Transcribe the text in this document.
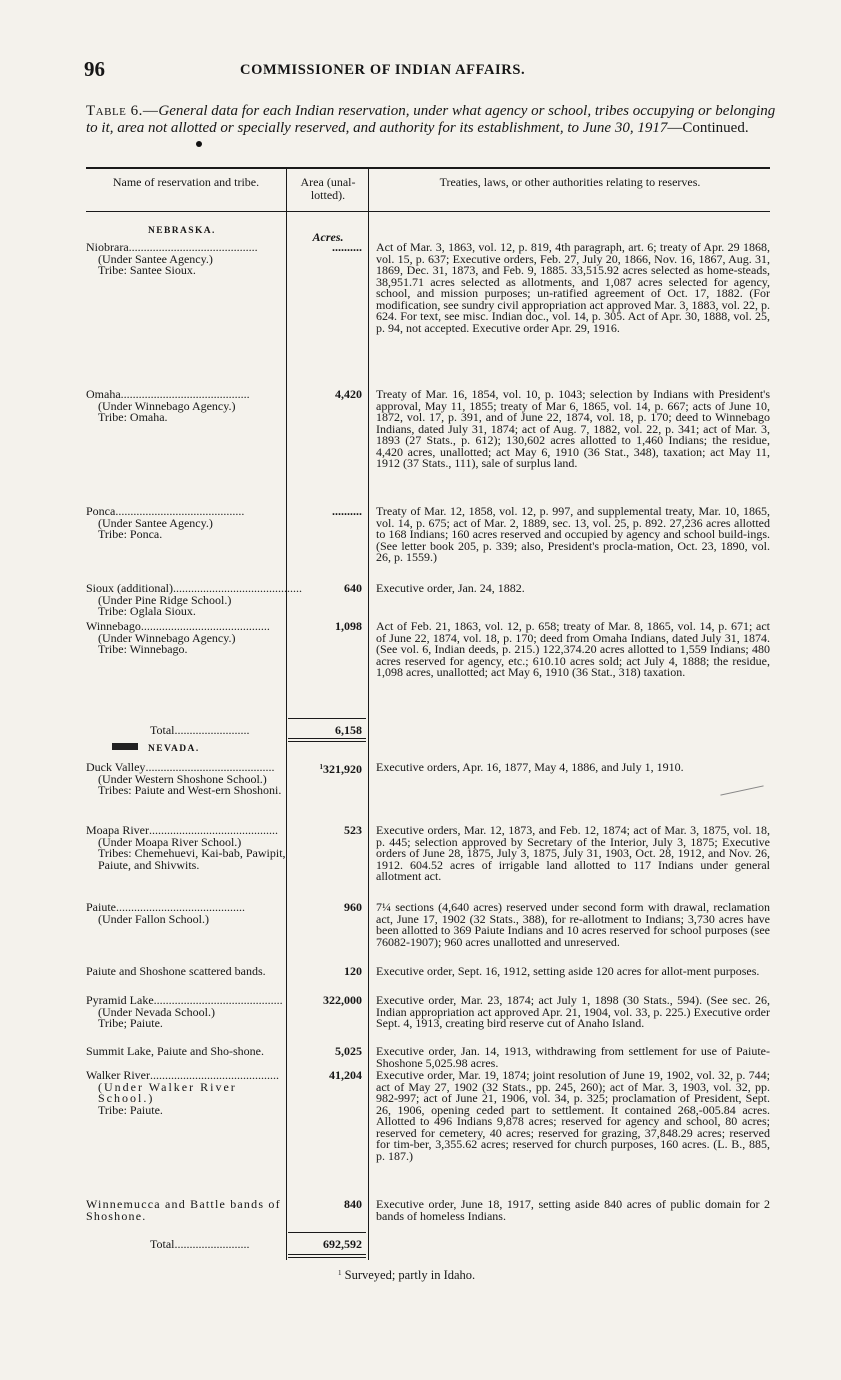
96	COMMISSIONER OF INDIAN AFFAIRS.
Table 6.—General data for each Indian reservation, under what agency or school, tribes occupying or belonging to it, area not allotted or specially reserved, and authority for its establishment, to June 30, 1917—Continued.
Name of reservation and tribe.	Area (unal-lotted).
Treaties, laws, or other authorities relating to reserves.
NEBRASKA.	Acres.
Niobrara ...........................................
(Under Santee Agency.)
Tribe: Santee Sioux.
.......... Act of Mar. 3, 1863, vol. 12, p. 819, 4th paragraph, art. 6; treaty of Apr. 29 1868, vol. 15, p. 637; Executive orders, Feb. 27, July 20, 1866, Nov. 16, 1867, Aug. 31, 1869, Dec. 31, 1873, and Feb. 9, 1885. 33,515.92 acres selected as home-steads, 38,951.71 acres selected as allotments, and 1,087 acres selected for agency, school, and mission purposes; un-ratified agreement of Oct. 17, 1882. (For modification, see sundry civil appropriation act approved Mar. 3, 1883, vol. 22, p. 624. For text, see misc. Indian doc., vol. 14, p. 305. Act of Apr. 30, 1888, vol. 25, p. 94, not accepted. Executive order Apr. 29, 1916.
Omaha ...........................................
(Under Winnebago Agency.)
Tribe: Omaha.
4,420 Treaty of Mar. 16, 1854, vol. 10, p. 1043; selection by Indians with President's approval, May 11, 1855; treaty of Mar 6, 1865, vol. 14, p. 667; acts of June 10, 1872, vol. 17, p. 391, and of June 22, 1874, vol. 18, p. 170; deed to Winnebago Indians, dated July 31, 1874; act of Aug. 7, 1882, vol. 22, p. 341; act of Mar. 3, 1893 (27 Stats., p. 612); 130,602 acres allotted to 1,460 Indians; the residue, 4,420 acres, unallotted; act May 6, 1910 (36 Stat., 348), taxation; act May 11, 1912 (37 Stats., 111), sale of surplus land.
Ponca ...........................................
(Under Santee Agency.)
Tribe: Ponca.
.......... Treaty of Mar. 12, 1858, vol. 12, p. 997, and supplemental treaty, Mar. 10, 1865, vol. 14, p. 675; act of Mar. 2, 1889, sec. 13, vol. 25, p. 892. 27,236 acres allotted to 168 Indians; 160 acres reserved and occupied by agency and school build-ings. (See letter book 205, p. 339; also, President's procla-mation, Oct. 23, 1890, vol. 26, p. 1559.)
Sioux (additional) ...........................................
(Under Pine Ridge School.)
Tribe: Oglala Sioux.
640 Executive order, Jan. 24, 1882.
Winnebago ...........................................
(Under Winnebago Agency.)
Tribe: Winnebago.
1,098 Act of Feb. 21, 1863, vol. 12, p. 658; treaty of Mar. 8, 1865, vol. 14, p. 671; act of June 22, 1874, vol. 18, p. 170; deed from Omaha Indians, dated July 31, 1874. (See vol. 6, Indian deeds, p. 215.) 122,374.20 acres allotted to 1,559 Indians; 480 acres reserved for agency, etc.; 610.10 acres sold; act July 4, 1888; the residue, 1,098 acres, unallotted; act May 6, 1910 (36 Stat., 318) taxation.
Total.........................	6,158
NEVADA.
Duck Valley ...........................................
(Under Western Shoshone School.)
Tribes: Paiute and West-ern Shoshoni.
$^1$321,920 Executive orders, Apr. 16, 1877, May 4, 1886, and July 1, 1910.
Moapa River ...........................................
(Under Moapa River School.)
Tribes: Chemehuevi, Kai-bab, Pawipit, Paiute, and Shivwits.
523 Executive orders, Mar. 12, 1873, and Feb. 12, 1874; act of Mar. 3, 1875, vol. 18, p. 445; selection approved by Secretary of the Interior, July 3, 1875; Executive orders of June 28, 1875, July 3, 1875, July 31, 1903, Oct. 28, 1912, and Nov. 26, 1912. 604.52 acres of irrigable land allotted to 117 Indians under general allotment act.
Paiute ...........................................
(Under Fallon School.)
960 7¼ sections (4,640 acres) reserved under second form with drawal, reclamation act, June 17, 1902 (32 Stats., 388), for re-allotment to Indians; 3,730 acres have been allotted to 369 Paiute Indians and 10 acres reserved for school purposes (see 76082-1907); 960 acres unallotted and unreserved.
Paiute and Shoshone scattered bands.	120 Executive order, Sept. 16, 1912, setting aside 120 acres for allot-ment purposes.
Pyramid Lake ...........................................
(Under Nevada School.)
Tribe; Paiute.
322,000 Executive order, Mar. 23, 1874; act July 1, 1898 (30 Stats., 594). (See sec. 26, Indian appropriation act approved Apr. 21, 1904, vol. 33, p. 225.) Executive order Sept. 4, 1913, creating bird reserve cut of Anaho Island.
Summit Lake, Paiute and Sho-shone.	5,025 Executive order, Jan. 14, 1913, withdrawing from settlement for use of Paiute-Shoshone 5,025.98 acres.
Walker River ...........................................
(Under Walker River School.)
Tribe: Paiute.
41,204 Executive order, Mar. 19, 1874; joint resolution of June 19, 1902, vol. 32, p. 744; act of May 27, 1902 (32 Stats., pp. 245, 260); act of Mar. 3, 1903, vol. 32, pp. 982-997; act of June 21, 1906, vol. 34, p. 325; proclamation of President, Sept. 26, 1906, opening ceded part to settlement. It contained 268,-005.84 acres. Allotted to 496 Indians 9,878 acres; reserved for agency and school, 80 acres; reserved for cemetery, 40 acres; reserved for grazing, 37,848.29 acres; reserved for tim-ber, 3,355.62 acres; reserved for church purposes, 160 acres. (L. B., 885, p. 187.)
Winnemucca and Battle bands of Shoshone.
840 Executive order, June 18, 1917, setting aside 840 acres of public domain for 2 bands of homeless Indians.
Total.........................	692,592
$^1$ Surveyed; partly in Idaho.
